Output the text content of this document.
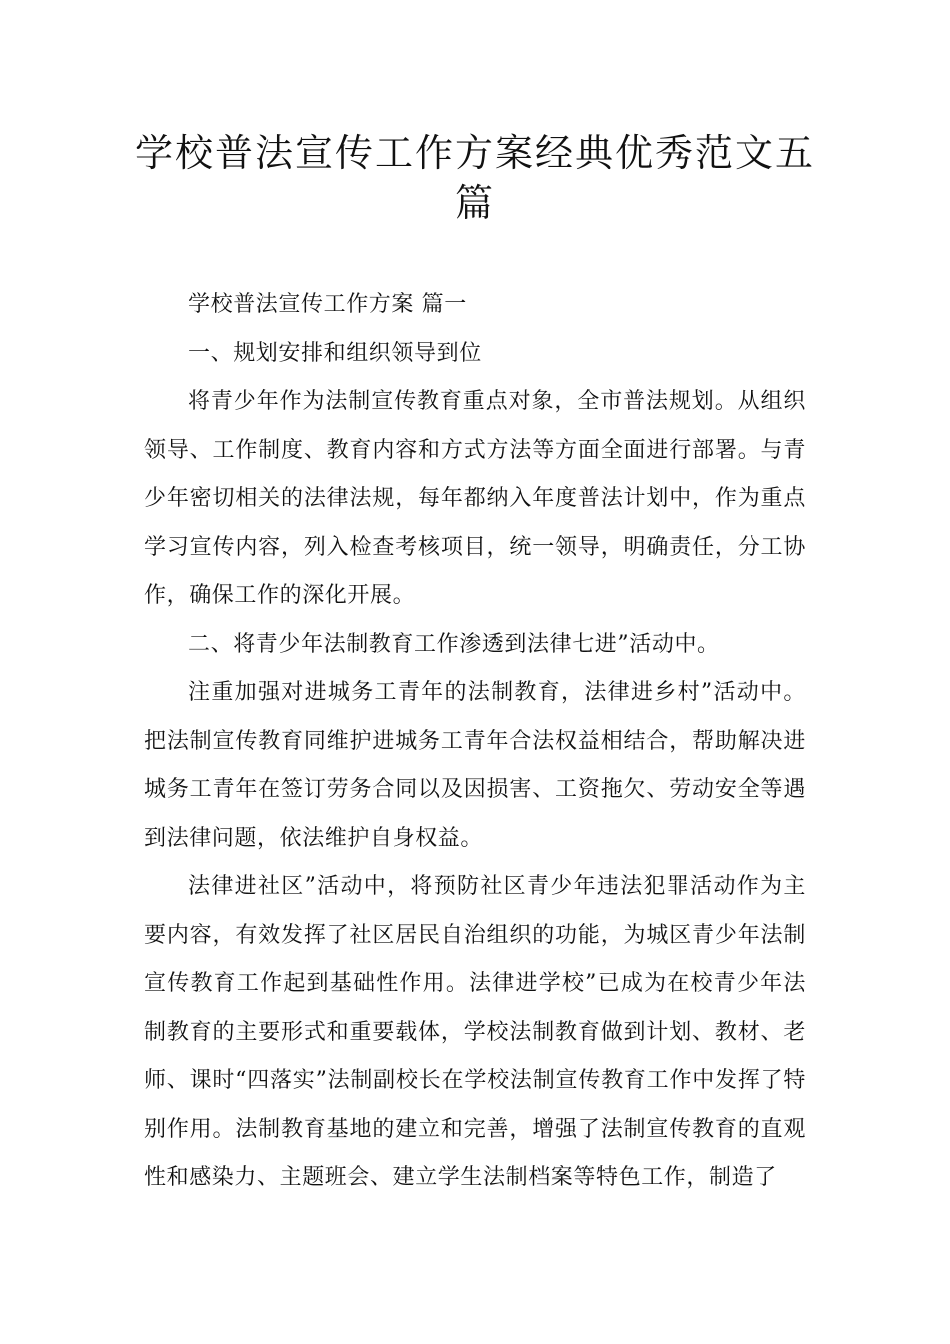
学校普法宣传工作方案经典优秀范文五篇

学校普法宣传工作方案 篇一

一、规划安排和组织领导到位

将青少年作为法制宣传教育重点对象，全市普法规划。从组织领导、工作制度、教育内容和方式方法等方面全面进行部署。与青少年密切相关的法律法规，每年都纳入年度普法计划中，作为重点学习宣传内容，列入检查考核项目，统一领导，明确责任，分工协作，确保工作的深化开展。

二、将青少年法制教育工作渗透到法律七进”活动中。

注重加强对进城务工青年的法制教育，法律进乡村”活动中。把法制宣传教育同维护进城务工青年合法权益相结合，帮助解决进城务工青年在签订劳务合同以及因损害、工资拖欠、劳动安全等遇到法律问题，依法维护自身权益。

法律进社区”活动中，将预防社区青少年违法犯罪活动作为主要内容，有效发挥了社区居民自治组织的功能，为城区青少年法制宣传教育工作起到基础性作用。法律进学校”已成为在校青少年法制教育的主要形式和重要载体，学校法制教育做到计划、教材、老师、课时“四落实”法制副校长在学校法制宣传教育工作中发挥了特别作用。法制教育基地的建立和完善，增强了法制宣传教育的直观性和感染力、主题班会、建立学生法制档案等特色工作，制造了
